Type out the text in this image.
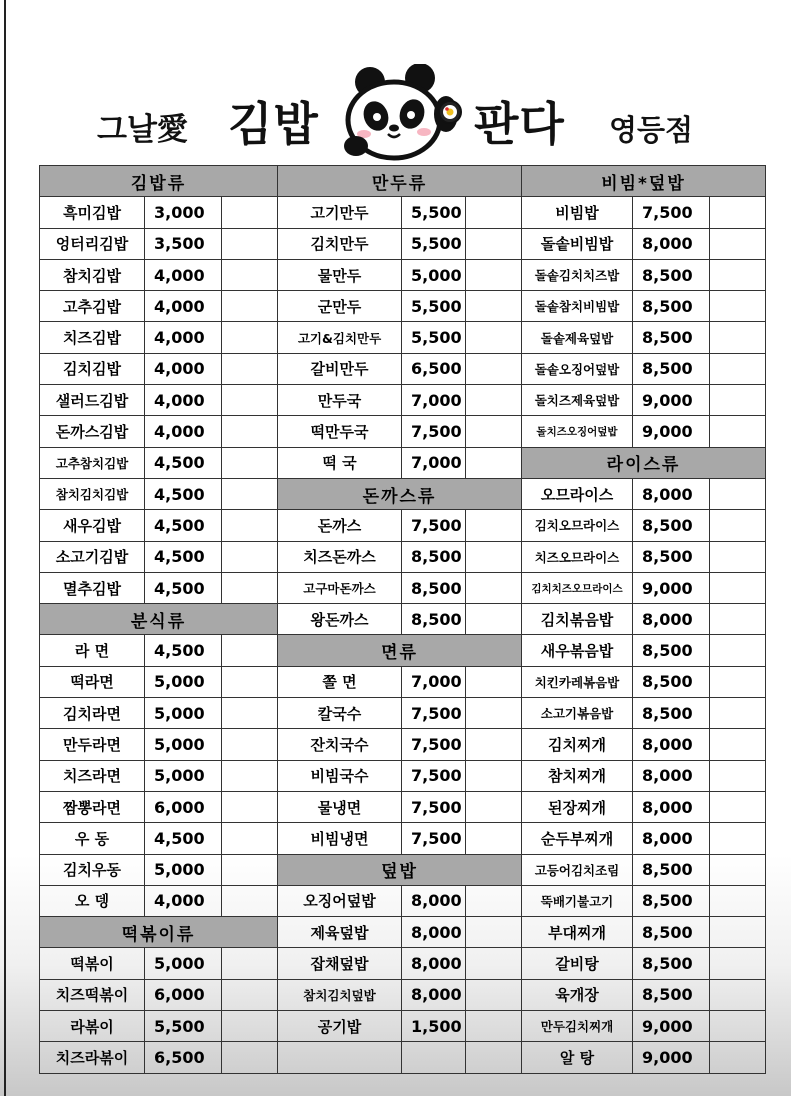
그날愛 김밥	판다 영등점
김밥류			만두류			비빔*덮밥		
흑미김밥	3,000		고기만두	5,500		비빔밥	7,500	
엉터리김밥	3,500		김치만두	5,500		돌솥비빔밥	8,000	
참치김밥	4,000		물만두	5,000		돌솥김치치즈밥	8,500	
고추김밥	4,000		군만두	5,500		돌솥참치비빔밥	8,500	
치즈김밥	4,000		고기&김치만두	5,500		돌솥제육덮밥	8,500	
김치김밥	4,000		갈비만두	6,500		돌솥오징어덮밥	8,500	
샐러드김밥	4,000		만두국	7,000		돌치즈제육덮밥	9,000	
돈까스김밥	4,000		떡만두국	7,500		돌치즈오징어덮밥	9,000	
고추참치김밥	4,500		떡 국	7,000		라이스류		
참치김치김밥	4,500		돈까스류			오므라이스	8,000	
새우김밥	4,500		돈까스	7,500		김치오므라이스	8,500	
소고기김밥	4,500		치즈돈까스	8,500		치즈오므라이스	8,500	
멸추김밥	4,500		고구마돈까스	8,500		김치치즈오므라이스	9,000	
분식류			왕돈까스	8,500		김치볶음밥	8,000	
라 면	4,500		면류			새우볶음밥	8,500	
떡라면	5,000		쫄 면	7,000		치킨카레볶음밥	8,500	
김치라면	5,000		칼국수	7,500		소고기볶음밥	8,500	
만두라면	5,000		잔치국수	7,500		김치찌개	8,000	
치즈라면	5,000		비빔국수	7,500		참치찌개	8,000	
짬뽕라면	6,000		물냉면	7,500		된장찌개	8,000	
우 동	4,500		비빔냉면	7,500		순두부찌개	8,000	
김치우동	5,000		덮밥			고등어김치조림	8,500	
오 뎅	4,000		오징어덮밥	8,000		뚝배기불고기	8,500	
떡볶이류			제육덮밥	8,000		부대찌개	8,500	
떡볶이	5,000		잡채덮밥	8,000		갈비탕	8,500	
치즈떡볶이	6,000		참치김치덮밥	8,000		육개장	8,500	
라볶이	5,500		공기밥	1,500		만두김치찌개	9,000	
치즈라볶이	6,500					알 탕	9,000	
